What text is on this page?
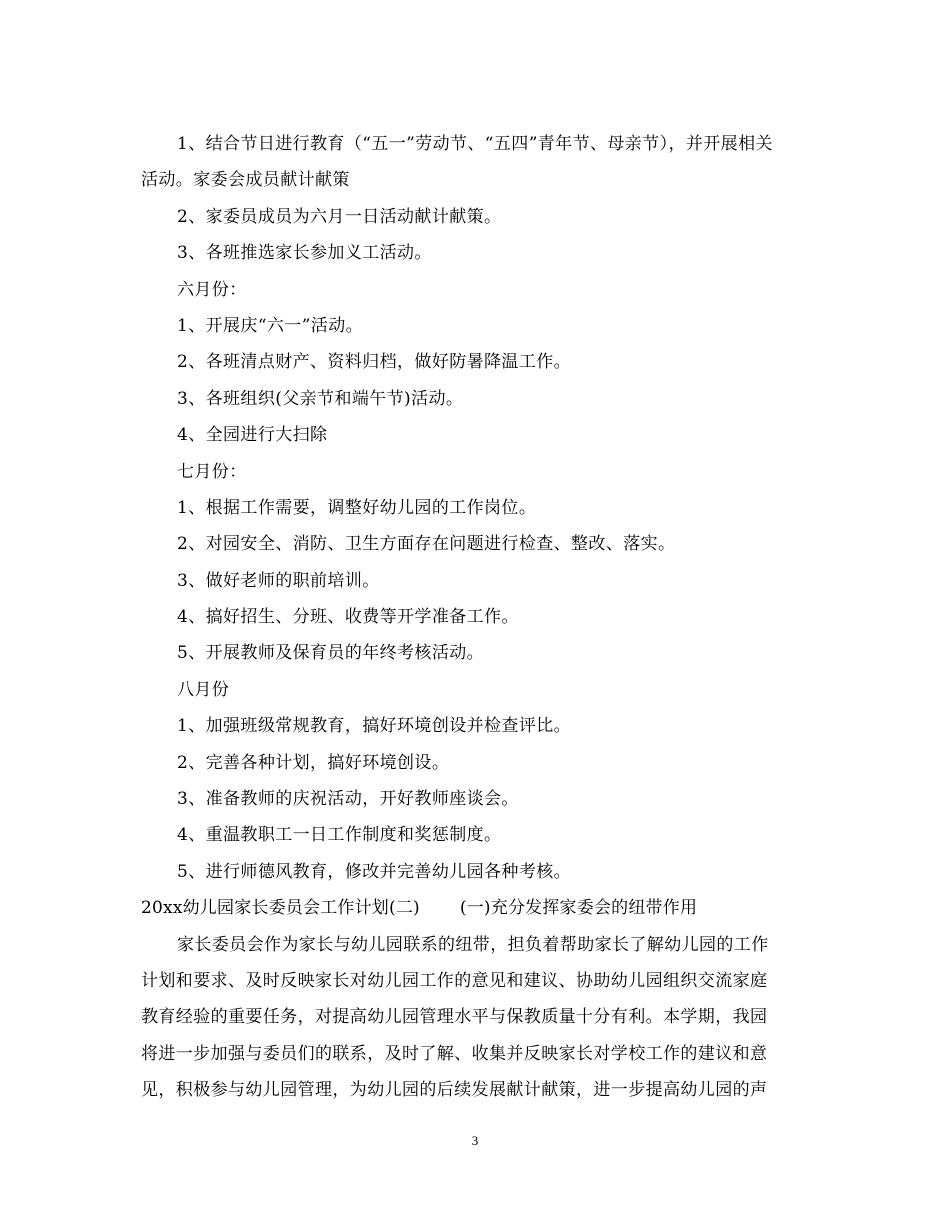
1、结合节日进行教育（“五一”劳动节、“五四”青年节、母亲节），并开展相关
活动。家委会成员献计献策
2、家委员成员为六月一日活动献计献策。
3、各班推选家长参加义工活动。
六月份：
1、开展庆“六一”活动。
2、各班清点财产、资料归档，做好防暑降温工作。
3、各班组织(父亲节和端午节)活动。
4、全园进行大扫除
七月份：
1、根据工作需要，调整好幼儿园的工作岗位。
2、对园安全、消防、卫生方面存在问题进行检查、整改、落实。
3、做好老师的职前培训。
4、搞好招生、分班、收费等开学准备工作。
5、开展教师及保育员的年终考核活动。
八月份
1、加强班级常规教育，搞好环境创设并检查评比。
2、完善各种计划，搞好环境创设。
3、准备教师的庆祝活动，开好教师座谈会。
4、重温教职工一日工作制度和奖惩制度。
5、进行师德风教育，修改并完善幼儿园各种考核。
20xx幼儿园家长委员会工作计划(二) (一)充分发挥家委会的纽带作用
家长委员会作为家长与幼儿园联系的纽带，担负着帮助家长了解幼儿园的工作
计划和要求、及时反映家长对幼儿园工作的意见和建议、协助幼儿园组织交流家庭
教育经验的重要任务，对提高幼儿园管理水平与保教质量十分有利。本学期，我园
将进一步加强与委员们的联系，及时了解、收集并反映家长对学校工作的建议和意
见，积极参与幼儿园管理，为幼儿园的后续发展献计献策，进一步提高幼儿园的声
3
